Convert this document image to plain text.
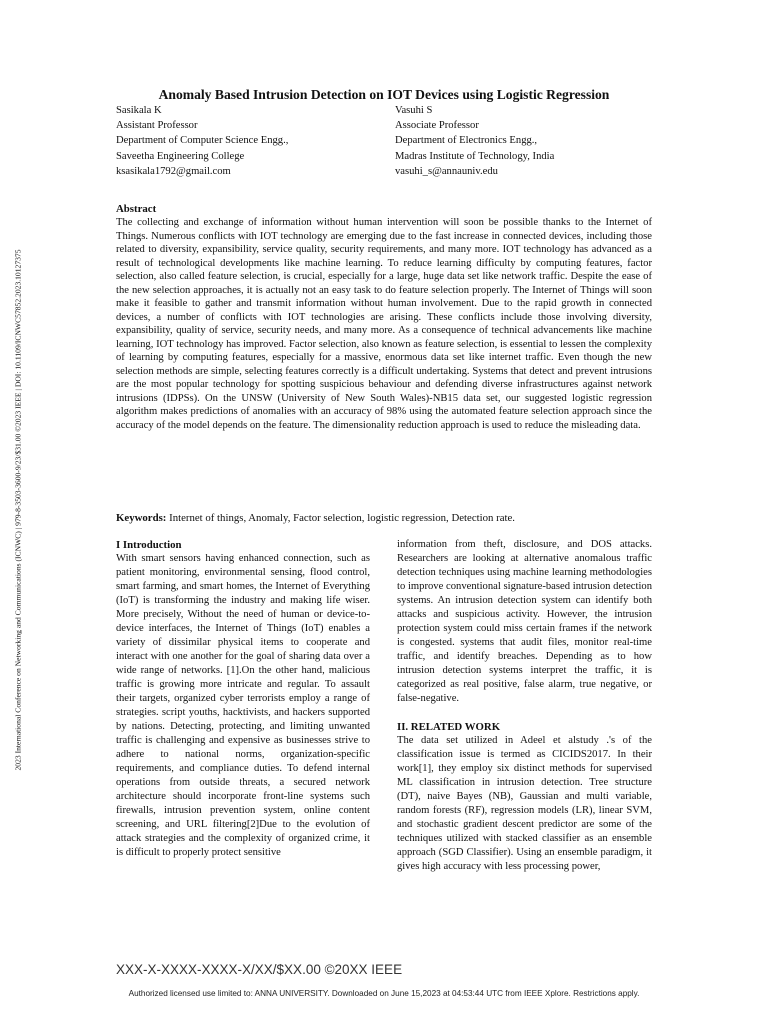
2023 International Conference on Networking and Communications (ICNWC) | 979-8-3503-3600-9/23/$31.00 ©2023 IEEE | DOI: 10.1109/ICNWC57852.2023.10127375
Anomaly Based Intrusion Detection on IOT Devices using Logistic Regression
Sasikala K
Assistant Professor
Department of Computer Science Engg.,
Saveetha Engineering College
ksasikala1792@gmail.com
Vasuhi S
Associate Professor
Department of Electronics Engg.,
Madras Institute of Technology, India
vasuhi_s@annauniv.edu
Abstract
The collecting and exchange of information without human intervention will soon be possible thanks to the Internet of Things. Numerous conflicts with IOT technology are emerging due to the fast increase in connected devices, including those related to diversity, expansibility, service quality, security requirements, and many more. IOT technology has advanced as a result of technological developments like machine learning. To reduce learning difficulty by computing features, factor selection, also called feature selection, is crucial, especially for a large, huge data set like network traffic. Despite the ease of the new selection approaches, it is actually not an easy task to do feature selection properly. The Internet of Things will soon make it feasible to gather and transmit information without human involvement. Due to the rapid growth in connected devices, a number of conflicts with IOT technologies are arising. These conflicts include those involving diversity, expansibility, quality of service, security needs, and many more. As a consequence of technical advancements like machine learning, IOT technology has improved. Factor selection, also known as feature selection, is essential to lessen the complexity of learning by computing features, especially for a massive, enormous data set like internet traffic. Even though the new selection methods are simple, selecting features correctly is a difficult undertaking. Systems that detect and prevent intrusions are the most popular technology for spotting suspicious behaviour and defending diverse infrastructures against network intrusions (IDPSs). On the UNSW (University of New South Wales)-NB15 data set, our suggested logistic regression algorithm makes predictions of anomalies with an accuracy of 98% using the automated feature selection approach since the accuracy of the model depends on the feature. The dimensionality reduction approach is used to reduce the misleading data.
Keywords: Internet of things, Anomaly, Factor selection, logistic regression, Detection rate.
I Introduction

With smart sensors having enhanced connection, such as patient monitoring, environmental sensing, flood control, smart farming, and smart homes, the Internet of Everything (IoT) is transforming the industry and making life wiser. More precisely, Without the need of human or device-to-device interfaces, the Internet of Things (IoT) enables a variety of dissimilar physical items to cooperate and interact with one another for the goal of sharing data over a wide range of networks. [1].On the other hand, malicious traffic is growing more intricate and regular. To assault their targets, organized cyber terrorists employ a range of strategies. script youths, hacktivists, and hackers supported by nations. Detecting, protecting, and limiting unwanted traffic is challenging and expensive as businesses strive to adhere to national norms, organization-specific requirements, and compliance duties. To defend internal operations from outside threats, a secured network architecture should incorporate front-line systems such firewalls, intrusion prevention system, online content screening, and URL filtering[2]Due to the evolution of attack strategies and the complexity of organized crime, it is difficult to properly protect sensitive

information from theft, disclosure, and DOS attacks. Researchers are looking at alternative anomalous traffic detection techniques using machine learning methodologies to improve conventional signature-based intrusion detection systems. An intrusion detection system can identify both attacks and suspicious activity. However, the intrusion protection system could miss certain frames if the network is congested. systems that audit files, monitor real-time traffic, and identify breaches. Depending as to how intrusion detection systems interpret the traffic, it is categorized as real positive, false alarm, true negative, or false-negative.

II. RELATED WORK

The data set utilized in Adeel et alstudy .'s of the classification issue is termed as CICIDS2017. In their work[1], they employ six distinct methods for supervised ML classification in intrusion detection. Tree structure (DT), naive Bayes (NB), Gaussian and multi variable, random forests (RF), regression models (LR), linear SVM, and stochastic gradient descent predictor are some of the techniques utilized with stacked classifier as an ensemble approach (SGD Classifier). Using an ensemble paradigm, it gives high accuracy with less processing power,

XXX-X-XXXX-XXXX-X/XX/$XX.00 ©20XX IEEE
Authorized licensed use limited to: ANNA UNIVERSITY. Downloaded on June 15,2023 at 04:53:44 UTC from IEEE Xplore. Restrictions apply.
